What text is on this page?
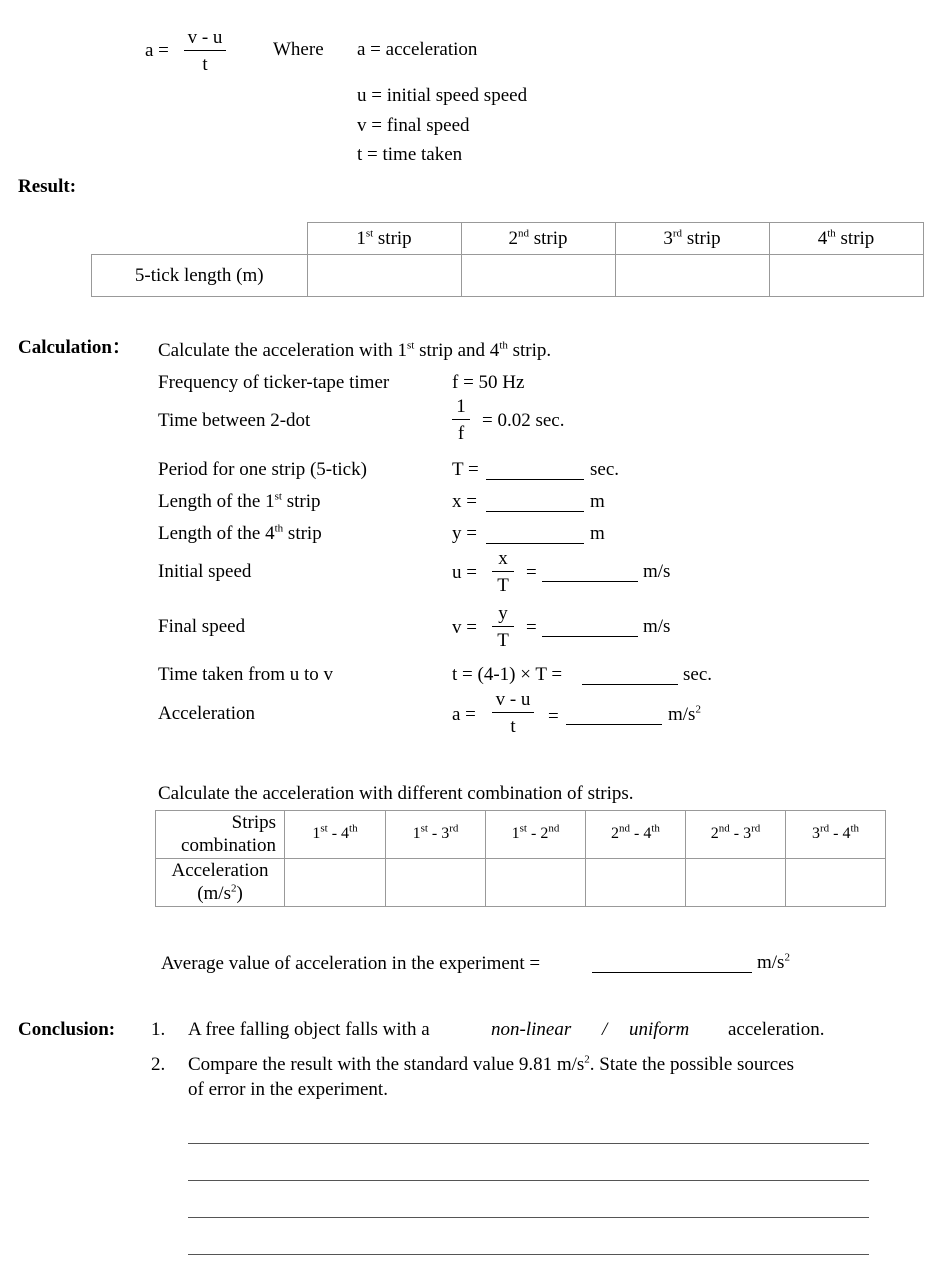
a =
v - u
t
Where a = acceleration
u = initial speed speed
v = final speed
t = time taken
Result:
	1st strip	2nd strip	3rd strip	4th strip
5-tick length (m)				
Calculation： Calculate the acceleration with 1st strip and 4th strip.
Frequency of ticker-tape timer	f = 50 Hz
Time between 2-dot
1
f
= 0.02 sec.
Period for one strip (5-tick)	T =	sec.
Length of the 1st strip	x =	m
Length of the 4th strip	y =	m
Initial speed	u =
x
T
=	m/s
Final speed	v =
y
T
=	m/s
Time taken from u to v	t = (4-1) × T =	sec.
Acceleration	a =
v - u
t	=	$m/s^2$
Calculate the acceleration with different combination of strips.
Strips
combination	1st - 4th	1st - 3rd	1st - 2nd	2nd - 4th	2nd - 3rd	3rd - 4th
Acceleration
$(m/s^2)$						
Average value of acceleration in the experiment =	$m/s^2$
Conclusion: 1. A free falling object falls with a	non-linear / uniform acceleration.
2. Compare the result with the standard value 9.81 $m/s^2$. State the possible sources
of error in the experiment.
